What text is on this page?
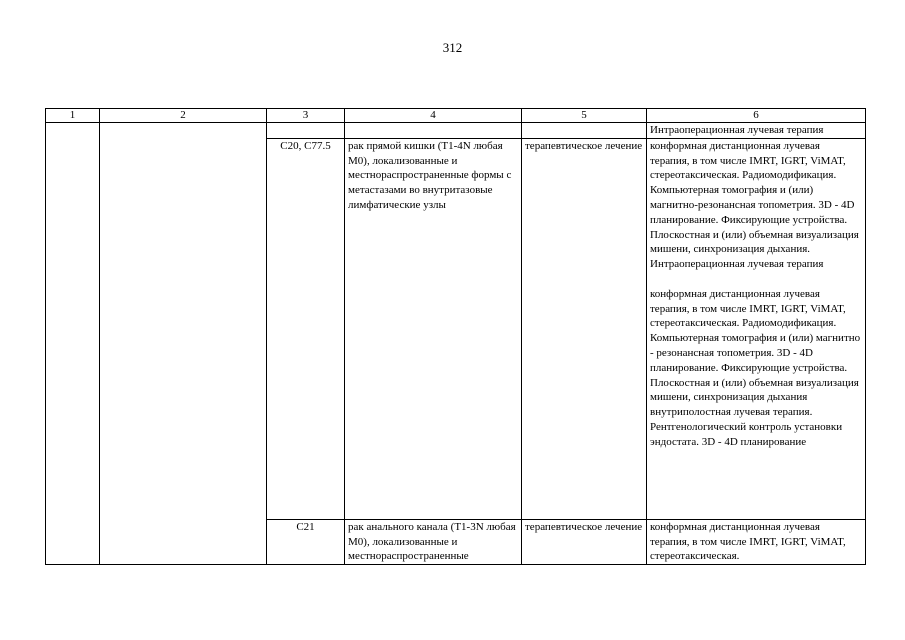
312
1	2	3	4	5	6
					Интраоперационная лучевая терапия
		C20, C77.5	рак прямой кишки (T1-4N любая M0), локализованные и местнораспространенные формы с метастазами во внутритазовые лимфатические узлы	терапевтическое лечение	конформная дистанционная лучевая терапия, в том числе IMRT, IGRT, ViMAT, стереотаксическая. Радиомодификация. Компьютерная томография и (или) магнитно-резонансная топометрия. 3D - 4D планирование. Фиксирующие устройства. Плоскостная и (или) объемная визуализация мишени, синхронизация дыхания. Интраоперационная лучевая терапия

конформная дистанционная лучевая терапия, в том числе IMRT, IGRT, ViMAT, стереотаксическая. Радиомодификация. Компьютерная томография и (или) магнитно - резонансная топометрия. 3D - 4D планирование. Фиксирующие устройства. Плоскостная и (или) объемная визуализация мишени, синхронизация дыхания внутриполостная лучевая терапия. Рентгенологический контроль установки эндостата. 3D - 4D планирование
		C21	рак анального канала (T1-3N любая M0), локализованные и местнораспространенные	терапевтическое лечение	конформная дистанционная лучевая терапия, в том числе IMRT, IGRT, ViMAT, стереотаксическая.
